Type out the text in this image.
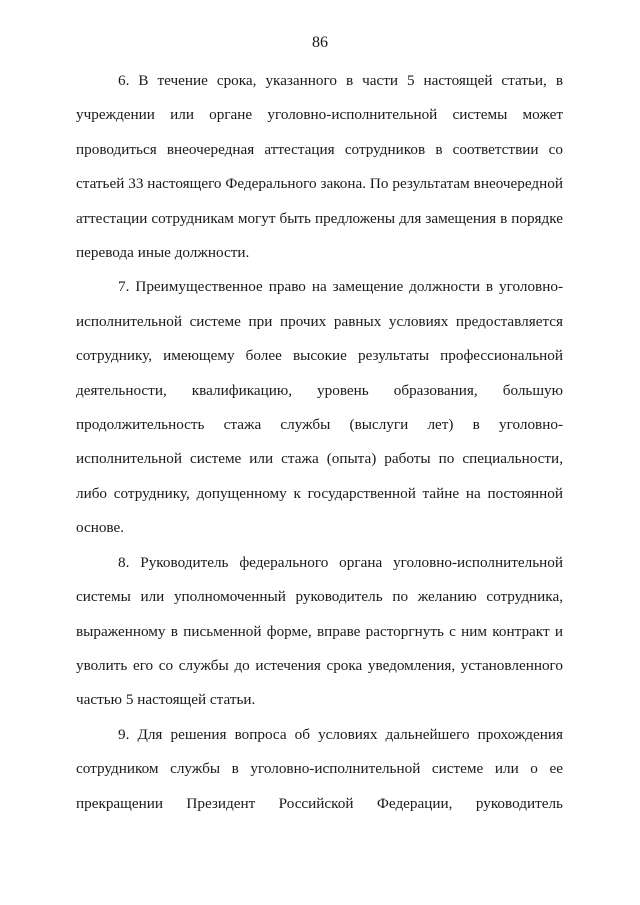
86

6. В течение срока, указанного в части 5 настоящей статьи, в учреждении или органе уголовно-исполнительной системы может проводиться внеочередная аттестация сотрудников в соответствии со статьей 33 настоящего Федерального закона. По результатам внеочередной аттестации сотрудникам могут быть предложены для замещения в порядке перевода иные должности.

7. Преимущественное право на замещение должности в уголовно-исполнительной системе при прочих равных условиях предоставляется сотруднику, имеющему более высокие результаты профессиональной деятельности, квалификацию, уровень образования, большую продолжительность стажа службы (выслуги лет) в уголовно-исполнительной системе или стажа (опыта) работы по специальности, либо сотруднику, допущенному к государственной тайне на постоянной основе.

8. Руководитель федерального органа уголовно-исполнительной системы или уполномоченный руководитель по желанию сотрудника, выраженному в письменной форме, вправе расторгнуть с ним контракт и уволить его со службы до истечения срока уведомления, установленного частью 5 настоящей статьи.

9. Для решения вопроса об условиях дальнейшего прохождения сотрудником службы в уголовно-исполнительной системе или о ее прекращении Президент Российской Федерации, руководитель
